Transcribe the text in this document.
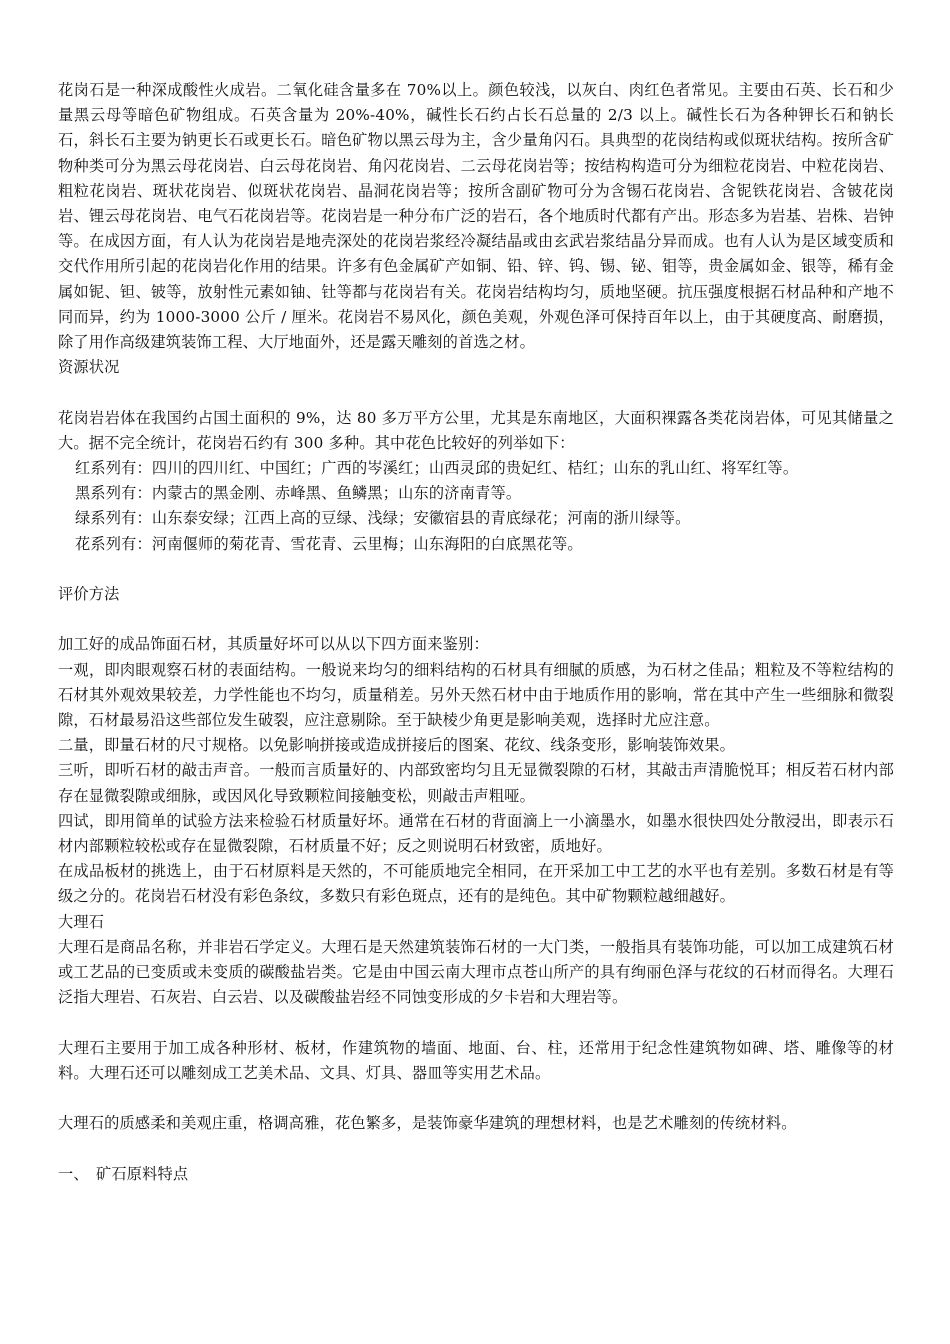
花岗石是一种深成酸性火成岩。二氧化硅含量多在 70%以上。颜色较浅，以灰白、肉红色者常见。主要由石英、长石和少量黑云母等暗色矿物组成。石英含量为 20%-40%，碱性长石约占长石总量的 2/3 以上。碱性长石为各种钾长石和钠长石，斜长石主要为钠更长石或更长石。暗色矿物以黑云母为主，含少量角闪石。具典型的花岗结构或似斑状结构。按所含矿物种类可分为黑云母花岗岩、白云母花岗岩、角闪花岗岩、二云母花岗岩等；按结构构造可分为细粒花岗岩、中粒花岗岩、粗粒花岗岩、斑状花岗岩、似斑状花岗岩、晶洞花岗岩等；按所含副矿物可分为含锡石花岗岩、含铌铁花岗岩、含铍花岗岩、锂云母花岗岩、电气石花岗岩等。花岗岩是一种分布广泛的岩石，各个地质时代都有产出。形态多为岩基、岩株、岩钟等。在成因方面，有人认为花岗岩是地壳深处的花岗岩浆经冷凝结晶或由玄武岩浆结晶分异而成。也有人认为是区域变质和交代作用所引起的花岗岩化作用的结果。许多有色金属矿产如铜、铅、锌、钨、锡、铋、钼等，贵金属如金、银等，稀有金属如铌、钽、铍等，放射性元素如铀、钍等都与花岗岩有关。花岗岩结构均匀，质地坚硬。抗压强度根据石材品种和产地不同而异，约为 1000-3000 公斤 / 厘米。花岗岩不易风化，颜色美观，外观色泽可保持百年以上，由于其硬度高、耐磨损，除了用作高级建筑装饰工程、大厅地面外，还是露天雕刻的首选之材。

资源状况

花岗岩岩体在我国约占国土面积的 9%，达 80 多万平方公里，尤其是东南地区，大面积裸露各类花岗岩体，可见其储量之大。据不完全统计，花岗岩石约有 300 多种。其中花色比较好的列举如下：

红系列有：四川的四川红、中国红；广西的岑溪红；山西灵邱的贵妃红、桔红；山东的乳山红、将军红等。

黑系列有：内蒙古的黑金刚、赤峰黑、鱼鳞黑；山东的济南青等。

绿系列有：山东泰安绿；江西上高的豆绿、浅绿；安徽宿县的青底绿花；河南的浙川绿等。

花系列有：河南偃师的菊花青、雪花青、云里梅；山东海阳的白底黑花等。

评价方法

加工好的成品饰面石材，其质量好坏可以从以下四方面来鉴别：

一观，即肉眼观察石材的表面结构。一般说来均匀的细料结构的石材具有细腻的质感，为石材之佳品；粗粒及不等粒结构的石材其外观效果较差，力学性能也不均匀，质量稍差。另外天然石材中由于地质作用的影响，常在其中产生一些细脉和微裂隙，石材最易沿这些部位发生破裂，应注意剔除。至于缺棱少角更是影响美观，选择时尤应注意。

二量，即量石材的尺寸规格。以免影响拼接或造成拼接后的图案、花纹、线条变形，影响装饰效果。

三听，即听石材的敲击声音。一般而言质量好的、内部致密均匀且无显微裂隙的石材，其敲击声清脆悦耳；相反若石材内部存在显微裂隙或细脉，或因风化导致颗粒间接触变松，则敲击声粗哑。

四试，即用简单的试验方法来检验石材质量好坏。通常在石材的背面滴上一小滴墨水，如墨水很快四处分散浸出，即表示石材内部颗粒较松或存在显微裂隙，石材质量不好；反之则说明石材致密，质地好。

在成品板材的挑选上，由于石材原料是天然的，不可能质地完全相同，在开采加工中工艺的水平也有差别。多数石材是有等级之分的。花岗岩石材没有彩色条纹，多数只有彩色斑点，还有的是纯色。其中矿物颗粒越细越好。

大理石

大理石是商品名称，并非岩石学定义。大理石是天然建筑装饰石材的一大门类，一般指具有装饰功能，可以加工成建筑石材或工艺品的已变质或未变质的碳酸盐岩类。它是由中国云南大理市点苍山所产的具有绚丽色泽与花纹的石材而得名。大理石泛指大理岩、石灰岩、白云岩、以及碳酸盐岩经不同蚀变形成的夕卡岩和大理岩等。

大理石主要用于加工成各种形材、板材，作建筑物的墙面、地面、台、柱，还常用于纪念性建筑物如碑、塔、雕像等的材料。大理石还可以雕刻成工艺美术品、文具、灯具、器皿等实用艺术品。

大理石的质感柔和美观庄重，格调高雅，花色繁多，是装饰豪华建筑的理想材料，也是艺术雕刻的传统材料。

一、 矿石原料特点
